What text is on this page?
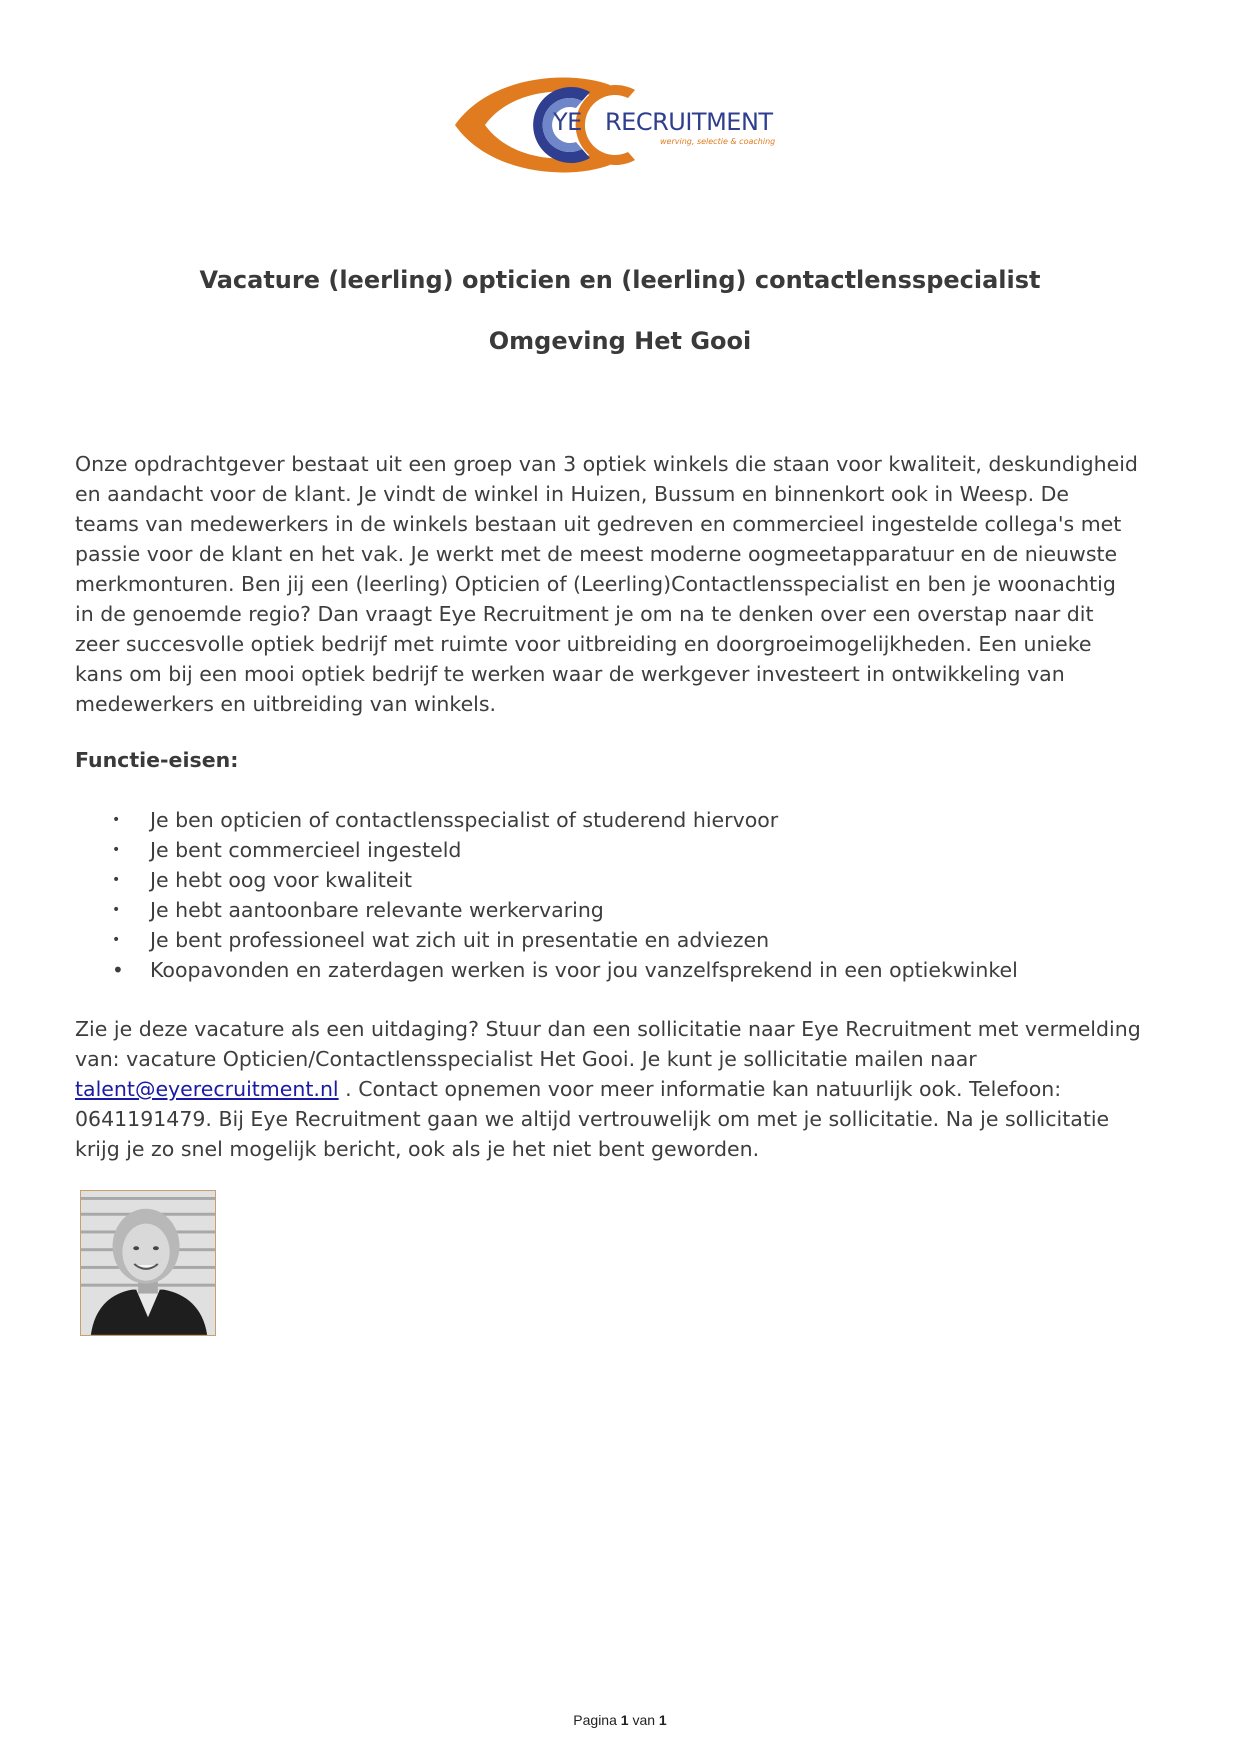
YE RECRUITMENT
werving, selectie & coaching
Vacature (leerling) opticien en (leerling) contactlensspecialist
Omgeving Het Gooi
Onze opdrachtgever bestaat uit een groep van 3 optiek winkels die staan voor kwaliteit, deskundigheid
en aandacht voor de klant. Je vindt de winkel in Huizen, Bussum en binnenkort ook in Weesp. De
teams van medewerkers in de winkels bestaan uit gedreven en commercieel ingestelde collega's met
passie voor de klant en het vak. Je werkt met de meest moderne oogmeetapparatuur en de nieuwste
merkmonturen. Ben jij een (leerling) Opticien of (Leerling)Contactlensspecialist en ben je woonachtig
in de genoemde regio? Dan vraagt Eye Recruitment je om na te denken over een overstap naar dit
zeer succesvolle optiek bedrijf met ruimte voor uitbreiding en doorgroeimogelijkheden. Een unieke
kans om bij een mooi optiek bedrijf te werken waar de werkgever investeert in ontwikkeling van
medewerkers en uitbreiding van winkels.
Functie-eisen:
• Je ben opticien of contactlensspecialist of studerend hiervoor
• Je bent commercieel ingesteld
• Je hebt oog voor kwaliteit
• Je hebt aantoonbare relevante werkervaring
• Je bent professioneel wat zich uit in presentatie en adviezen
• Koopavonden en zaterdagen werken is voor jou vanzelfsprekend in een optiekwinkel
Zie je deze vacature als een uitdaging? Stuur dan een sollicitatie naar Eye Recruitment met vermelding
van: vacature Opticien/Contactlensspecialist Het Gooi. Je kunt je sollicitatie mailen naar
talent@eyerecruitment.nl . Contact opnemen voor meer informatie kan natuurlijk ook. Telefoon:
0641191479. Bij Eye Recruitment gaan we altijd vertrouwelijk om met je sollicitatie. Na je sollicitatie
krijg je zo snel mogelijk bericht, ook als je het niet bent geworden.
Pagina 1 van 1
